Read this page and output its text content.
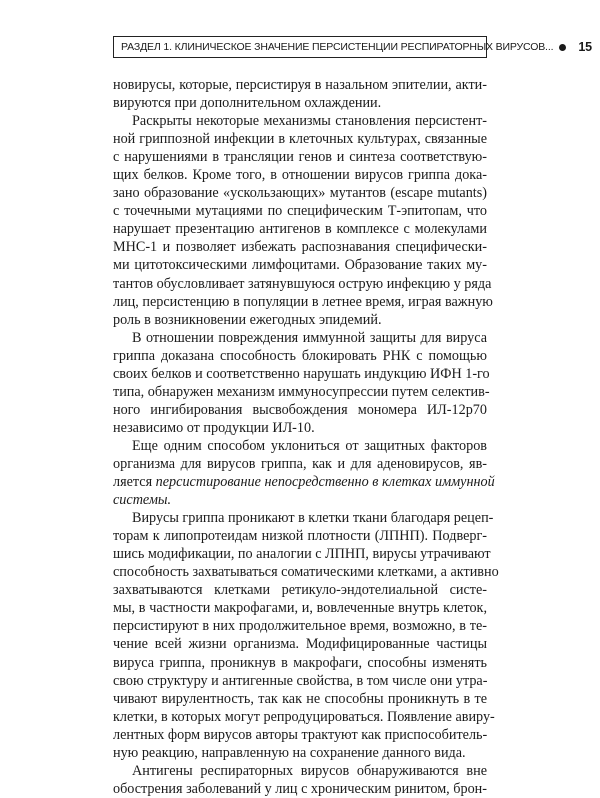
РАЗДЕЛ 1. КЛИНИЧЕСКОЕ ЗНАЧЕНИЕ ПЕРСИСТЕНЦИИ РЕСПИРАТОРНЫХ ВИРУСОВ... 15
новирусы, которые, персистируя в назальном эпителии, акти-
вируются при дополнительном охлаждении.
Раскрыты некоторые механизмы становления персистент-
ной гриппозной инфекции в клеточных культурах, связанные
с нарушениями в трансляции генов и синтеза соответствую-
щих белков. Кроме того, в отношении вирусов гриппа дока-
зано образование «ускользающих» мутантов (escape mutants)
с точечными мутациями по специфическим Т-эпитопам, что
нарушает презентацию антигенов в комплексе с молекулами
МНС-1 и позволяет избежать распознавания специфически-
ми цитотоксическими лимфоцитами. Образование таких му-
тантов обусловливает затянувшуюся острую инфекцию у ряда
лиц, персистенцию в популяции в летнее время, играя важную
роль в возникновении ежегодных эпидемий.
В отношении повреждения иммунной защиты для вируса
гриппа доказана способность блокировать РНК с помощью
своих белков и соответственно нарушать индукцию ИФН 1-го
типа, обнаружен механизм иммуносупрессии путем селектив-
ного ингибирования высвобождения мономера ИЛ-12р70
независимо от продукции ИЛ-10.
Еще одним способом уклониться от защитных факторов
организма для вирусов гриппа, как и для аденовирусов, яв-
ляется персистирование непосредственно в клетках иммунной
системы.
Вирусы гриппа проникают в клетки ткани благодаря рецеп-
торам к липопротеидам низкой плотности (ЛПНП). Подверг-
шись модификации, по аналогии с ЛПНП, вирусы утрачивают
способность захватываться соматическими клетками, а активно
захватываются клетками ретикуло-эндотелиальной систе-
мы, в частности макрофагами, и, вовлеченные внутрь клеток,
персистируют в них продолжительное время, возможно, в те-
чение всей жизни организма. Модифицированные частицы
вируса гриппа, проникнув в макрофаги, способны изменять
свою структуру и антигенные свойства, в том числе они утра-
чивают вирулентность, так как не способны проникнуть в те
клетки, в которых могут репродуцироваться. Появление авиру-
лентных форм вирусов авторы трактуют как приспособитель-
ную реакцию, направленную на сохранение данного вида.
Антигены респираторных вирусов обнаруживаются вне
обострения заболеваний у лиц с хроническим ринитом, брон-
